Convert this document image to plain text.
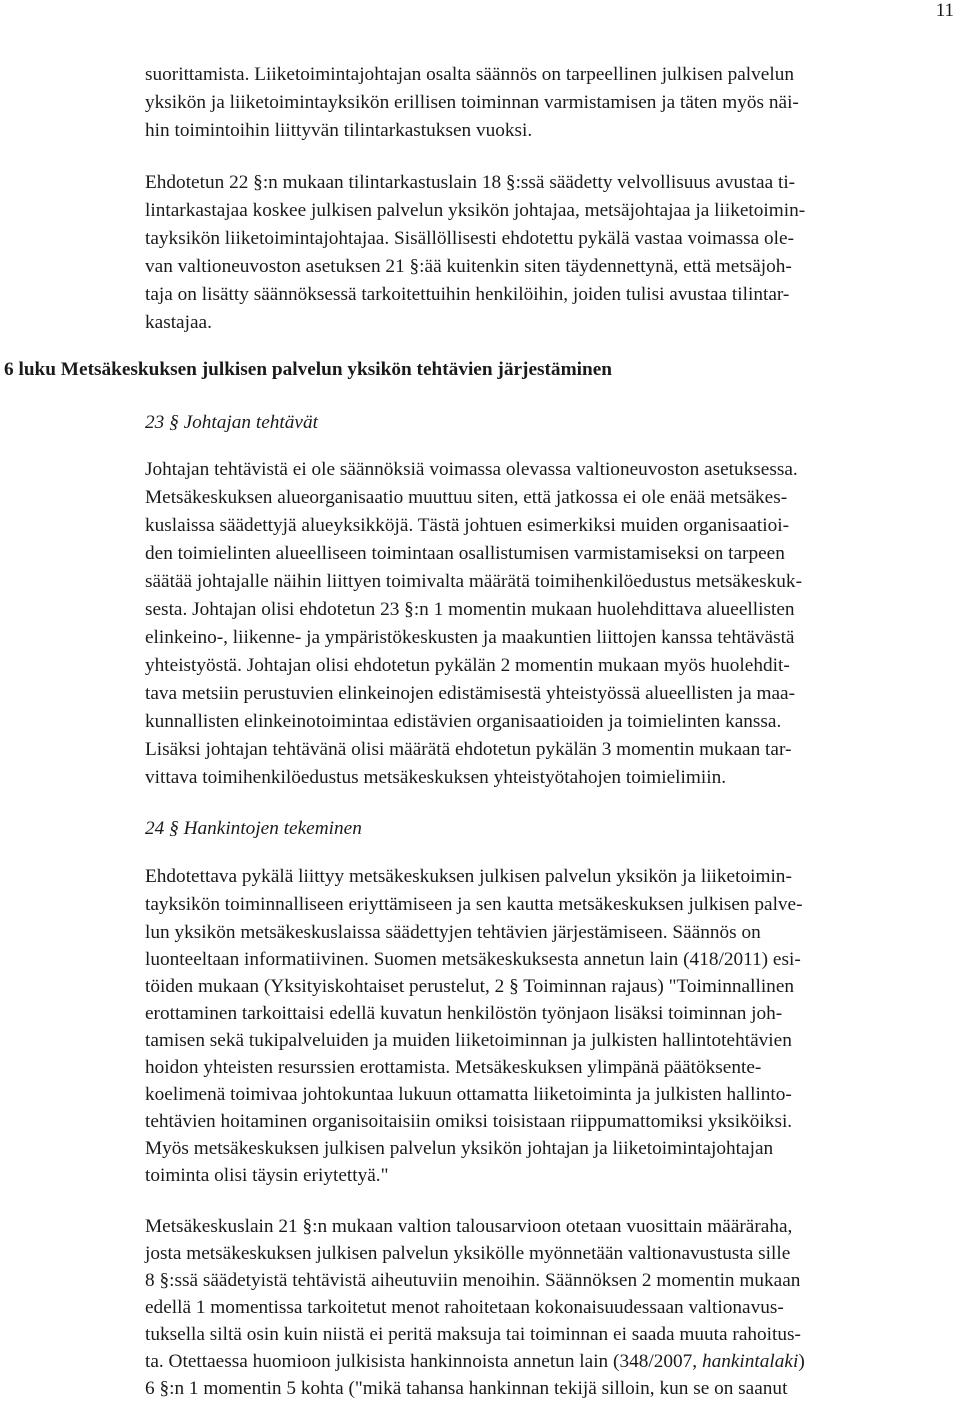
11
suorittamista. Liiketoimintajohtajan osalta säännös on tarpeellinen julkisen palvelun
yksikön ja liiketoimintayksikön erillisen toiminnan varmistamisen ja täten myös näi-
hin toimintoihin liittyvän tilintarkastuksen vuoksi.
Ehdotetun 22 §:n mukaan tilintarkastuslain 18 §:ssä säädetty velvollisuus avustaa ti-
lintarkastajaa koskee julkisen palvelun yksikön johtajaa, metsäjohtajaa ja liiketoimin-
tayksikön liiketoimintajohtajaa. Sisällöllisesti ehdotettu pykälä vastaa voimassa ole-
van valtioneuvoston asetuksen 21 §:ää kuitenkin siten täydennettynä, että metsäjoh-
taja on lisätty säännöksessä tarkoitettuihin henkilöihin, joiden tulisi avustaa tilintar-
kastajaa.
6 luku Metsäkeskuksen julkisen palvelun yksikön tehtävien järjestäminen
23 § Johtajan tehtävät
Johtajan tehtävistä ei ole säännöksiä voimassa olevassa valtioneuvoston asetuksessa.
Metsäkeskuksen alueorganisaatio muuttuu siten, että jatkossa ei ole enää metsäkes-
kuslaissa säädettyjä alueyksikköjä. Tästä johtuen esimerkiksi muiden organisaatioi-
den toimielinten alueelliseen toimintaan osallistumisen varmistamiseksi on tarpeen
säätää johtajalle näihin liittyen toimivalta määrätä toimihenkilöedustus metsäkeskuk-
sesta. Johtajan olisi ehdotetun 23 §:n 1 momentin mukaan huolehdittava alueellisten
elinkeino-, liikenne- ja ympäristökeskusten ja maakuntien liittojen kanssa tehtävästä
yhteistyöstä. Johtajan olisi ehdotetun pykälän 2 momentin mukaan myös huolehdit-
tava metsiin perustuvien elinkeinojen edistämisestä yhteistyössä alueellisten ja maa-
kunnallisten elinkeinotoimintaa edistävien organisaatioiden ja toimielinten kanssa.
Lisäksi johtajan tehtävänä olisi määrätä ehdotetun pykälän 3 momentin mukaan tar-
vittava toimihenkilöedustus metsäkeskuksen yhteistyötahojen toimielimiin.
24 § Hankintojen tekeminen
Ehdotettava pykälä liittyy metsäkeskuksen julkisen palvelun yksikön ja liiketoimin-
tayksikön toiminnalliseen eriyttämiseen ja sen kautta metsäkeskuksen julkisen palve-
lun yksikön metsäkeskuslaissa säädettyjen tehtävien järjestämiseen. Säännös on
luonteeltaan informatiivinen. Suomen metsäkeskuksesta annetun lain (418/2011) esi-
töiden mukaan (Yksityiskohtaiset perustelut, 2 § Toiminnan rajaus) "Toiminnallinen
erottaminen tarkoittaisi edellä kuvatun henkilöstön työnjaon lisäksi toiminnan joh-
tamisen sekä tukipalveluiden ja muiden liiketoiminnan ja julkisten hallintotehtävien
hoidon yhteisten resurssien erottamista. Metsäkeskuksen ylimpänä päätöksente-
koelimenä toimivaa johtokuntaa lukuun ottamatta liiketoiminta ja julkisten hallinto-
tehtävien hoitaminen organisoitaisiin omiksi toisistaan riippumattomiksi yksiköiksi.
Myös metsäkeskuksen julkisen palvelun yksikön johtajan ja liiketoimintajohtajan
toiminta olisi täysin eriytettyä."
Metsäkeskuslain 21 §:n mukaan valtion talousarvioon otetaan vuosittain määräraha,
josta metsäkeskuksen julkisen palvelun yksikölle myönnetään valtionavustusta sille
8 §:ssä säädetyistä tehtävistä aiheutuviin menoihin. Säännöksen 2 momentin mukaan
edellä 1 momentissa tarkoitetut menot rahoitetaan kokonaisuudessaan valtionavus-
tuksella siltä osin kuin niistä ei peritä maksuja tai toiminnan ei saada muuta rahoitus-
ta. Otettaessa huomioon julkisista hankinnoista annetun lain (348/2007, hankintalaki)
6 §:n 1 momentin 5 kohta ("mikä tahansa hankinnan tekijä silloin, kun se on saanut
